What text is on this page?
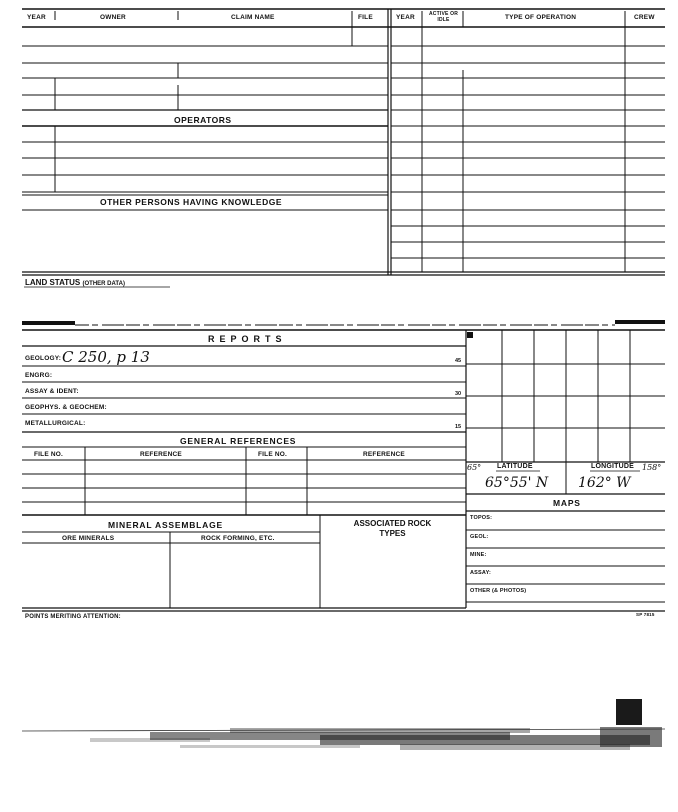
YEAR	OWNER	CLAIM NAME	FILE	YEAR	ACTIVE OR IDLE	TYPE OF OPERATION	CREW
OPERATORS
OTHER PERSONS HAVING KNOWLEDGE
LAND STATUS (OTHER DATA)
REPORTS
GEOLOGY: C 250, p 13	45
ENGRG:
ASSAY & IDENT:	30
GEOPHYS. & GEOCHEM:
METALLURGICAL:	15
GENERAL REFERENCES
FILE NO.	REFERENCE	FILE NO.	REFERENCE
MINERAL ASSEMBLAGE
ORE MINERALS	ROCK FORMING, ETC.
ASSOCIATED ROCK TYPES
65° LATITUDE
65°55' N
LONGITUDE 158°
162° W
MAPS
TOPOS:
GEOL:
MINE:
ASSAY:
OTHER (& PHOTOS)
POINTS MERITING ATTENTION:	SP 7815
